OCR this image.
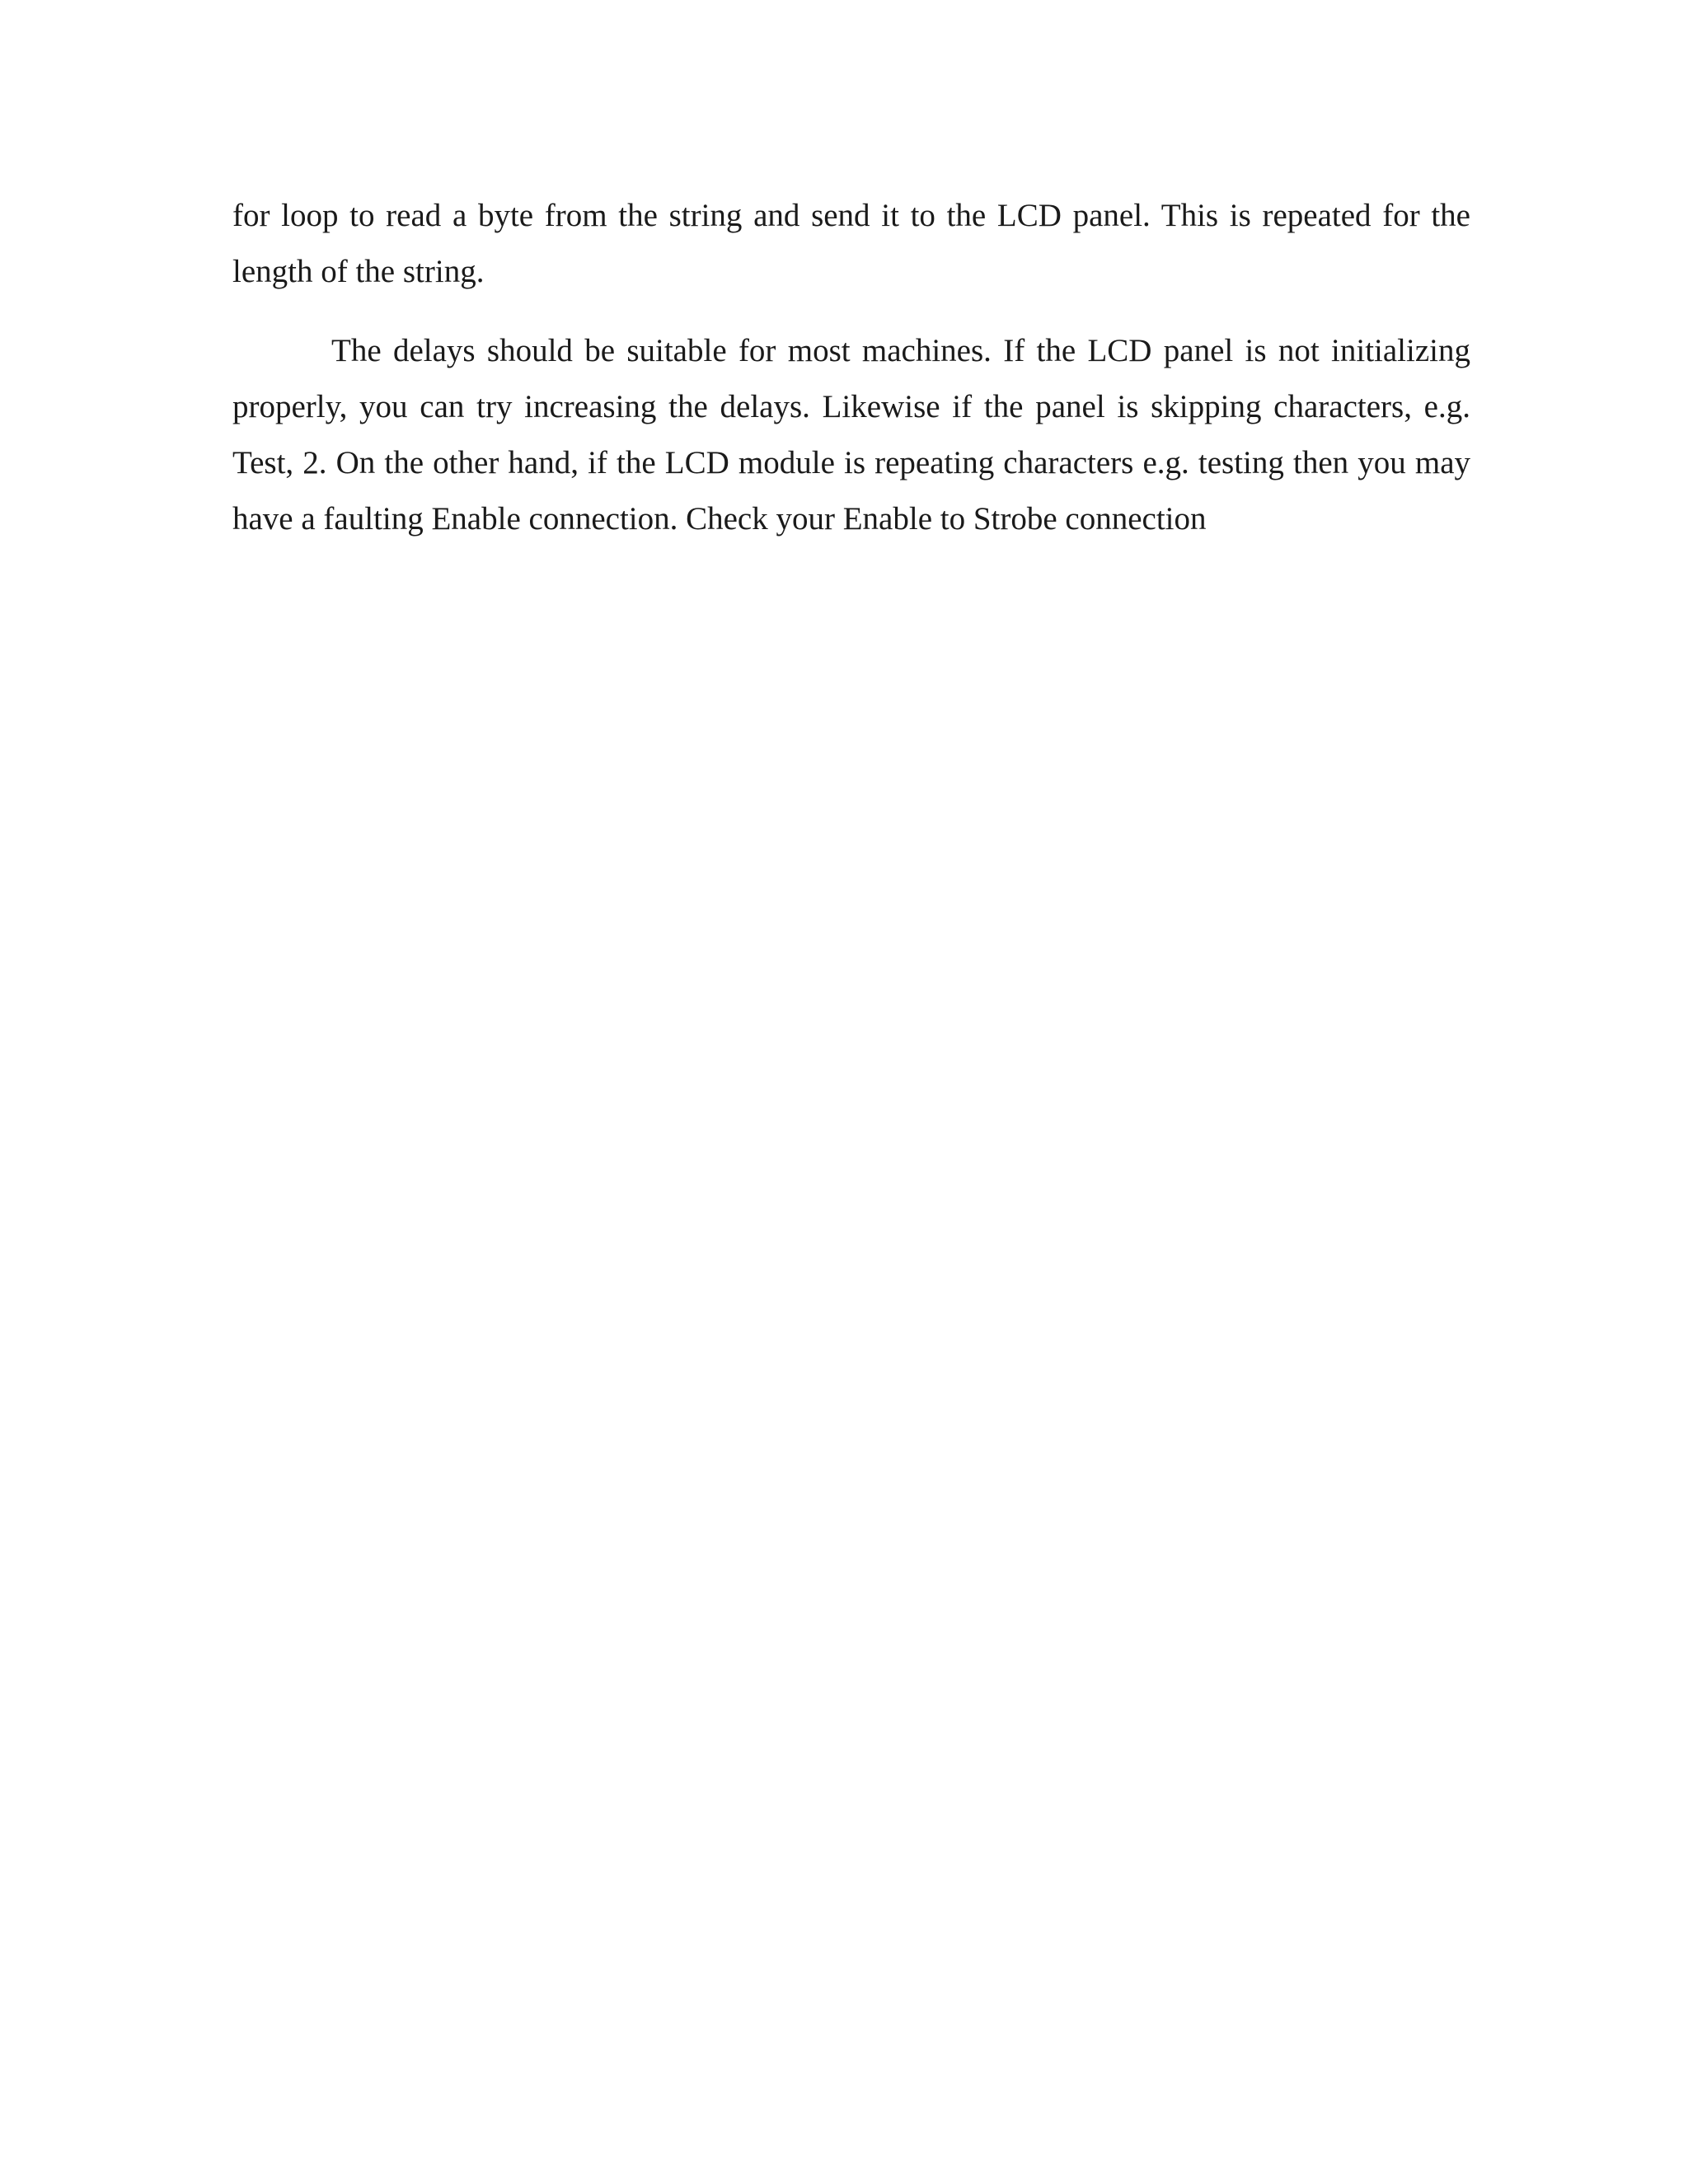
for loop to read a byte from the string and send it to the LCD panel. This is repeated for the length of the string.

The delays should be suitable for most machines. If the LCD panel is not initializing properly, you can try increasing the delays. Likewise if the panel is skipping characters, e.g. Test, 2. On the other hand, if the LCD module is repeating characters e.g. testing then you may have a faulting Enable connection. Check your Enable to Strobe connection
